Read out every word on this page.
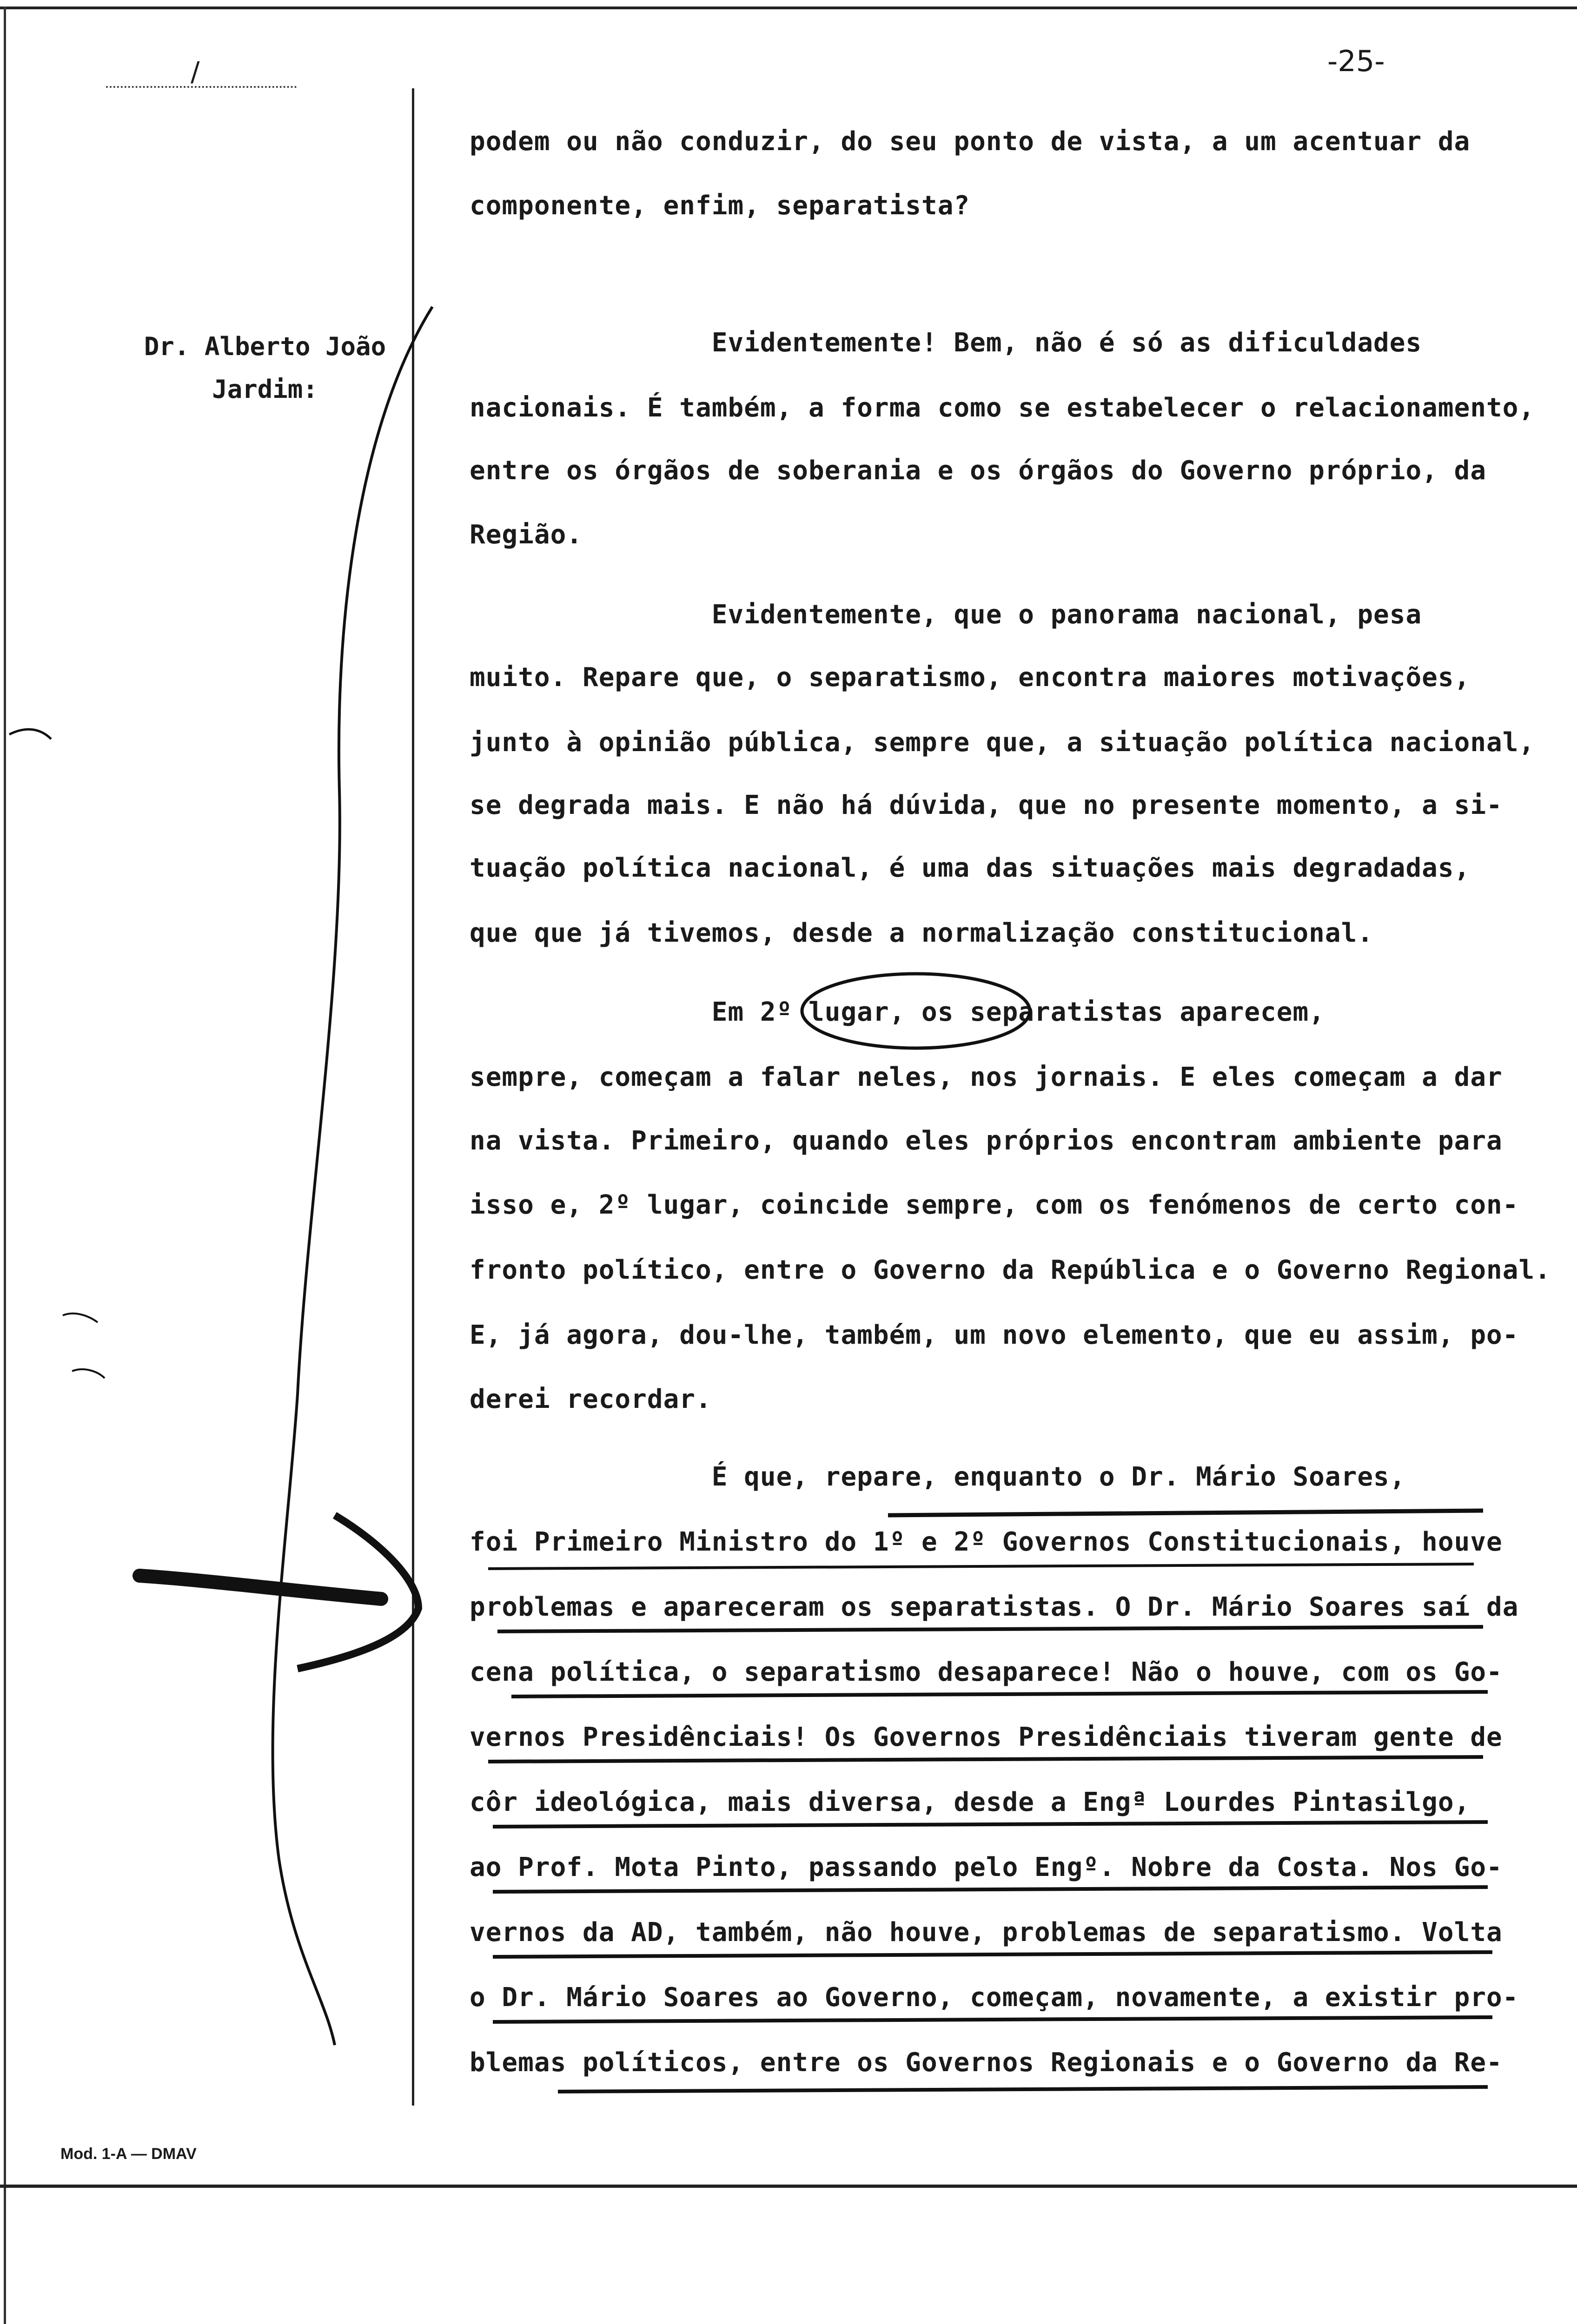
/	-25-
Dr. Alberto João
Jardim:
podem ou não conduzir, do seu ponto de vista, a um acentuar da
componente, enfim, separatista?
Evidentemente! Bem, não é só as dificuldades
nacionais. É também, a forma como se estabelecer o relacionamento,
entre os órgãos de soberania e os órgãos do Governo próprio, da
Região.
Evidentemente, que o panorama nacional, pesa
muito. Repare que, o separatismo, encontra maiores motivações,
junto à opinião pública, sempre que, a situação política nacional,
se degrada mais. E não há dúvida, que no presente momento, a si-
tuação política nacional, é uma das situações mais degradadas,
que que já tivemos, desde a normalização constitucional.
Em 2º lugar, os separatistas aparecem,
sempre, começam a falar neles, nos jornais. E eles começam a dar
na vista. Primeiro, quando eles próprios encontram ambiente para
isso e, 2º lugar, coincide sempre, com os fenómenos de certo con-
fronto político, entre o Governo da República e o Governo Regional.
E, já agora, dou-lhe, também, um novo elemento, que eu assim, po-
derei recordar.
É que, repare, enquanto o Dr. Mário Soares,
foi Primeiro Ministro do 1º e 2º Governos Constitucionais, houve
problemas e apareceram os separatistas. O Dr. Mário Soares saí da
cena política, o separatismo desaparece! Não o houve, com os Go-
vernos Presidênciais! Os Governos Presidênciais tiveram gente de
côr ideológica, mais diversa, desde a Engª Lourdes Pintasilgo,
ao Prof. Mota Pinto, passando pelo Engº. Nobre da Costa. Nos Go-
vernos da AD, também, não houve, problemas de separatismo. Volta
o Dr. Mário Soares ao Governo, começam, novamente, a existir pro-
blemas políticos, entre os Governos Regionais e o Governo da Re-
Mod. 1-A — DMAV
